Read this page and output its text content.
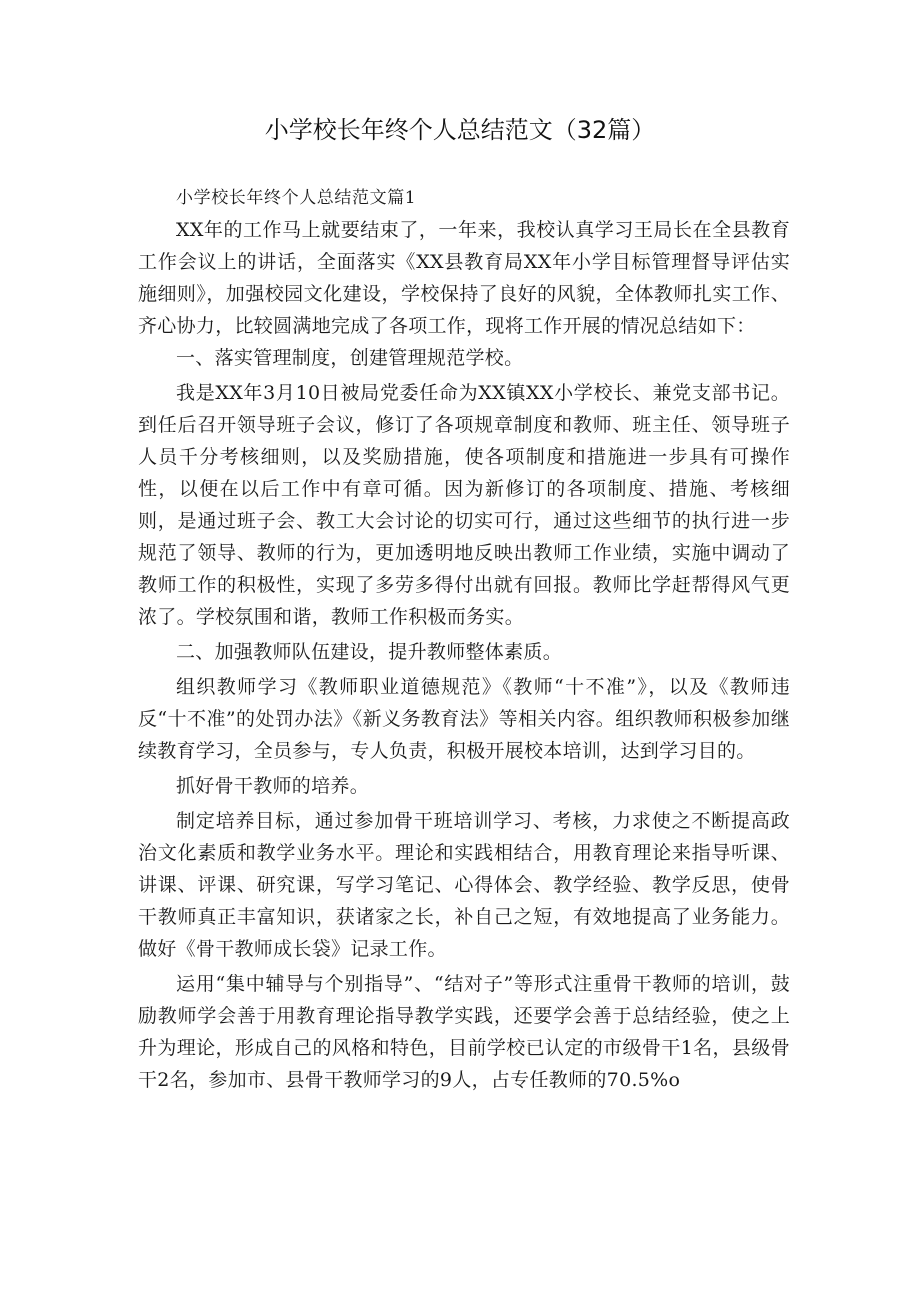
小学校长年终个人总结范文（32篇）

小学校长年终个人总结范文篇1

XX年的工作马上就要结束了，一年来，我校认真学习王局长在全县教育工作会议上的讲话，全面落实《XX县教育局XX年小学目标管理督导评估实施细则》，加强校园文化建设，学校保持了良好的风貌，全体教师扎实工作、齐心协力，比较圆满地完成了各项工作，现将工作开展的情况总结如下：

一、落实管理制度，创建管理规范学校。

我是XX年3月10日被局党委任命为XX镇XX小学校长、兼党支部书记。到任后召开领导班子会议，修订了各项规章制度和教师、班主任、领导班子人员千分考核细则，以及奖励措施，使各项制度和措施进一步具有可操作性，以便在以后工作中有章可循。因为新修订的各项制度、措施、考核细则，是通过班子会、教工大会讨论的切实可行，通过这些细节的执行进一步规范了领导、教师的行为，更加透明地反映出教师工作业绩，实施中调动了教师工作的积极性，实现了多劳多得付出就有回报。教师比学赶帮得风气更浓了。学校氛围和谐，教师工作积极而务实。

二、加强教师队伍建设，提升教师整体素质。

组织教师学习《教师职业道德规范》《教师“十不准”》，以及《教师违反“十不准”的处罚办法》《新义务教育法》等相关内容。组织教师积极参加继续教育学习，全员参与，专人负责，积极开展校本培训，达到学习目的。

抓好骨干教师的培养。

制定培养目标，通过参加骨干班培训学习、考核，力求使之不断提高政治文化素质和教学业务水平。理论和实践相结合，用教育理论来指导听课、讲课、评课、研究课，写学习笔记、心得体会、教学经验、教学反思，使骨干教师真正丰富知识，获诸家之长，补自己之短，有效地提高了业务能力。做好《骨干教师成长袋》记录工作。

运用“集中辅导与个别指导”、“结对子”等形式注重骨干教师的培训，鼓励教师学会善于用教育理论指导教学实践，还要学会善于总结经验，使之上升为理论，形成自己的风格和特色，目前学校已认定的市级骨干1名，县级骨干2名，参加市、县骨干教师学习的9人，占专任教师的70.5%o
